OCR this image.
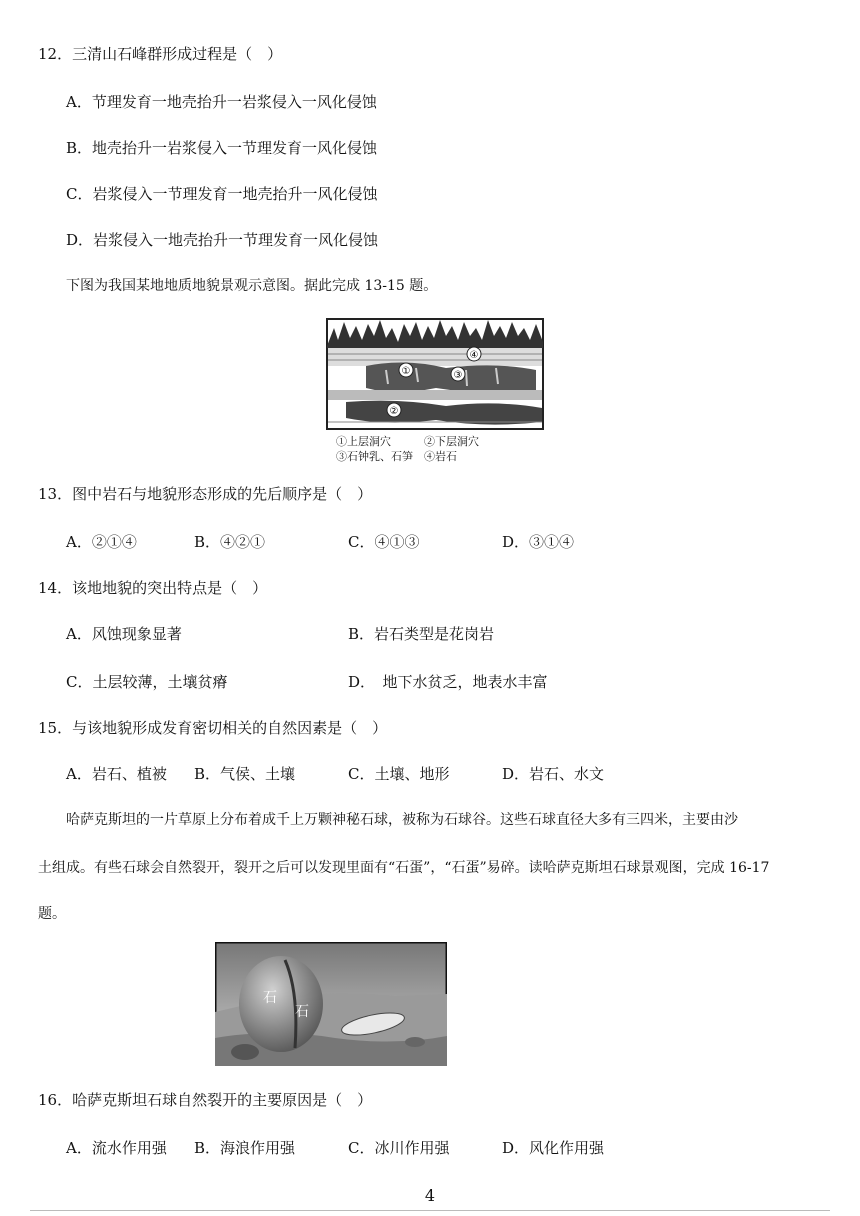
12．三清山石峰群形成过程是（　）
A．节理发育一地壳抬升一岩浆侵入一风化侵蚀
B．地壳抬升一岩浆侵入一节理发育一风化侵蚀
C．岩浆侵入一节理发育一地壳抬升一风化侵蚀
D．岩浆侵入一地壳抬升一节理发育一风化侵蚀
下图为我国某地地质地貌景观示意图。据此完成 13-15 题。
①
②
③
④
①上层洞穴	②下层洞穴
③石钟乳、石笋 ④岩石
13．图中岩石与地貌形态形成的先后顺序是（　）
A．②①④	B．④②①	C．④①③	D．③①④
14．该地地貌的突出特点是（　）
A．风蚀现象显著	B．岩石类型是花岗岩
C．土层较薄，土壤贫瘠	D．　地下水贫乏，地表水丰富
15．与该地貌形成发育密切相关的自然因素是（　）
A．岩石、植被 B．气侯、土壤	C．土壤、地形	D．岩石、水文
哈萨克斯坦的一片草原上分布着成千上万颗神秘石球，被称为石球谷。这些石球直径大多有三四米，主要由沙
土组成。有些石球会自然裂开，裂开之后可以发现里面有“石蛋”，“石蛋”易碎。读哈萨克斯坦石球景观图，完成 16-17
题。
石
石
16．哈萨克斯坦石球自然裂开的主要原因是（　）
A．流水作用强 B．海浪作用强	C．冰川作用强	D．风化作用强
4
